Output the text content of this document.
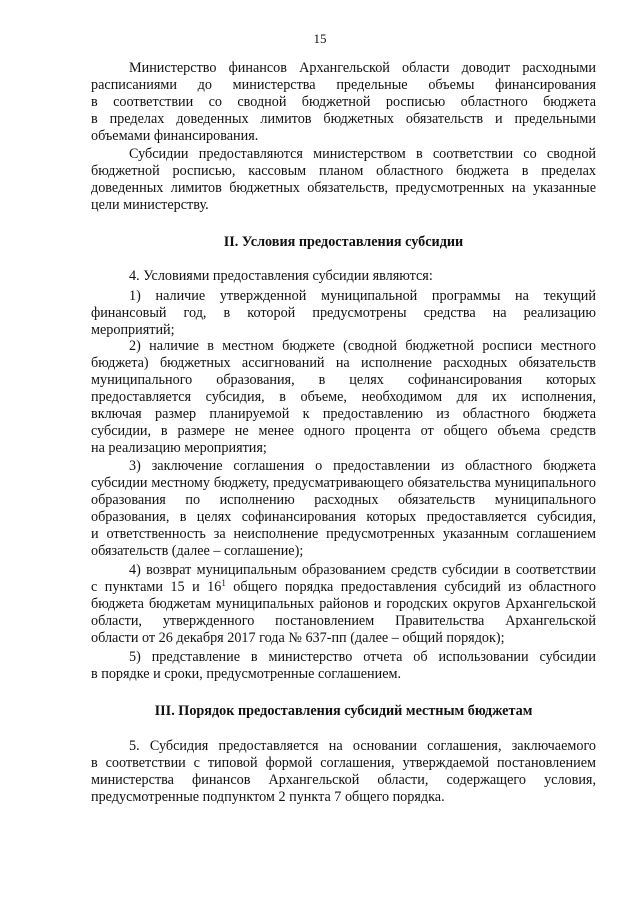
15
Министерство финансов Архангельской области доводит расходными
расписаниями до министерства предельные объемы финансирования
в соответствии со сводной бюджетной росписью областного бюджета
в пределах доведенных лимитов бюджетных обязательств и предельными
объемами финансирования.
Субсидии предоставляются министерством в соответствии со сводной
бюджетной росписью, кассовым планом областного бюджета в пределах
доведенных лимитов бюджетных обязательств, предусмотренных на указанные
цели министерству.
II. Условия предоставления субсидии
4. Условиями предоставления субсидии являются:
1) наличие утвержденной муниципальной программы на текущий
финансовый год, в которой предусмотрены средства на реализацию
мероприятий;
2) наличие в местном бюджете (сводной бюджетной росписи местного
бюджета) бюджетных ассигнований на исполнение расходных обязательств
муниципального образования, в целях софинансирования которых
предоставляется субсидия, в объеме, необходимом для их исполнения,
включая размер планируемой к предоставлению из областного бюджета
субсидии, в размере не менее одного процента от общего объема средств
на реализацию мероприятия;
3) заключение соглашения о предоставлении из областного бюджета
субсидии местному бюджету, предусматривающего обязательства муниципального
образования по исполнению расходных обязательств муниципального
образования, в целях софинансирования которых предоставляется субсидия,
и ответственность за неисполнение предусмотренных указанным соглашением
обязательств (далее – соглашение);
4) возврат муниципальным образованием средств субсидии в соответствии
с пунктами 15 и $16^1$ общего порядка предоставления субсидий из областного
бюджета бюджетам муниципальных районов и городских округов Архангельской
области, утвержденного постановлением Правительства Архангельской
области от 26 декабря 2017 года № 637-пп (далее – общий порядок);
5) представление в министерство отчета об использовании субсидии
в порядке и сроки, предусмотренные соглашением.
III. Порядок предоставления субсидий местным бюджетам
5. Субсидия предоставляется на основании соглашения, заключаемого
в соответствии с типовой формой соглашения, утверждаемой постановлением
министерства финансов Архангельской области, содержащего условия,
предусмотренные подпунктом 2 пункта 7 общего порядка.
